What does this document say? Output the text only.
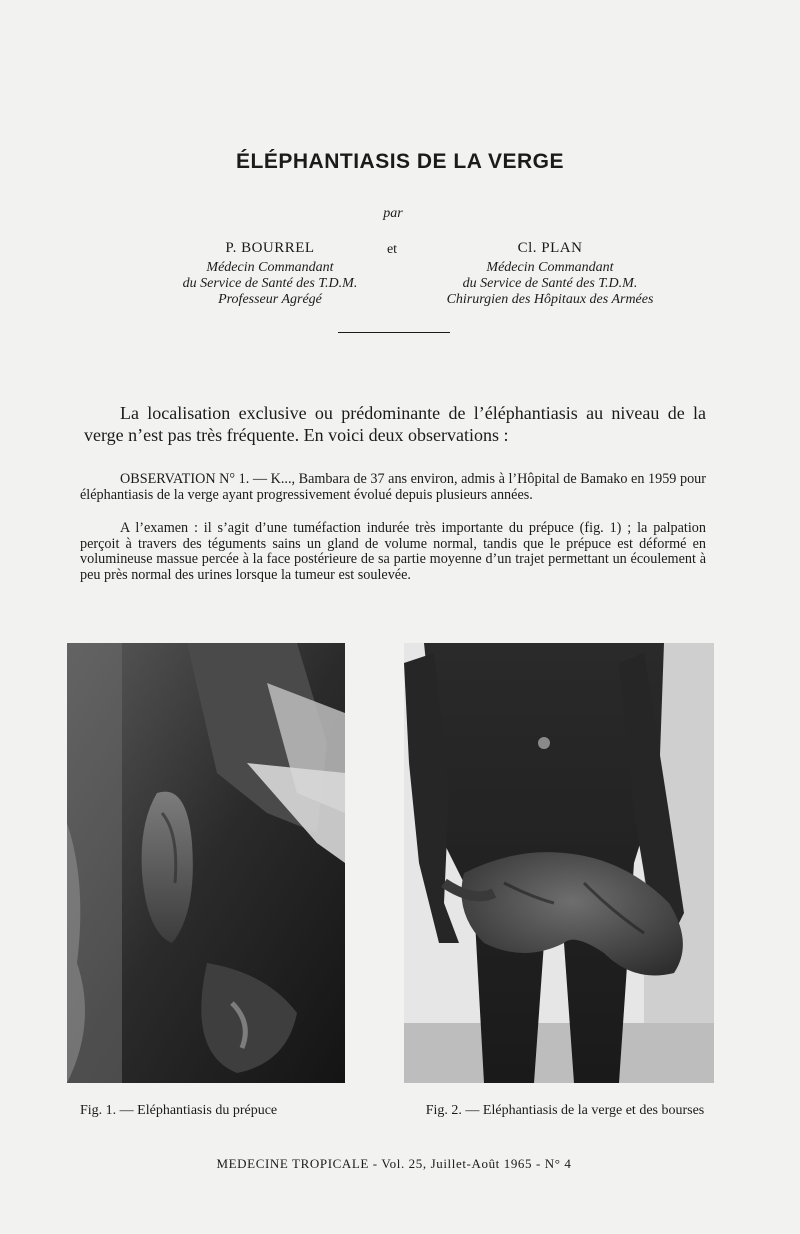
ÉLÉPHANTIASIS DE LA VERGE
par
P. BOURREL
Médecin Commandant
du Service de Santé des T.D.M.
Professeur Agrégé
et	Cl. PLAN
Médecin Commandant
du Service de Santé des T.D.M.
Chirurgien des Hôpitaux des Armées

La localisation exclusive ou prédominante de l’éléphantiasis au niveau de la verge n’est pas très fréquente. En voici deux observations :

OBSERVATION N° 1. — K..., Bambara de 37 ans environ, admis à l’Hôpital de Bamako en 1959 pour éléphantiasis de la verge ayant progressivement évolué depuis plusieurs années.

A l’examen : il s’agit d’une tuméfaction indurée très importante du prépuce (fig. 1) ; la palpation perçoit à travers des téguments sains un gland de volume normal, tandis que le prépuce est déformé en volumineuse massue percée à la face postérieure de sa partie moyenne d’un trajet permettant un écoulement à peu près normal des urines lorsque la tumeur est soulevée.

Fig. 1. — Eléphantiasis du prépuce	Fig. 2. — Eléphantiasis de la verge et des bourses

MEDECINE TROPICALE - Vol. 25, Juillet-Août 1965 - N° 4
